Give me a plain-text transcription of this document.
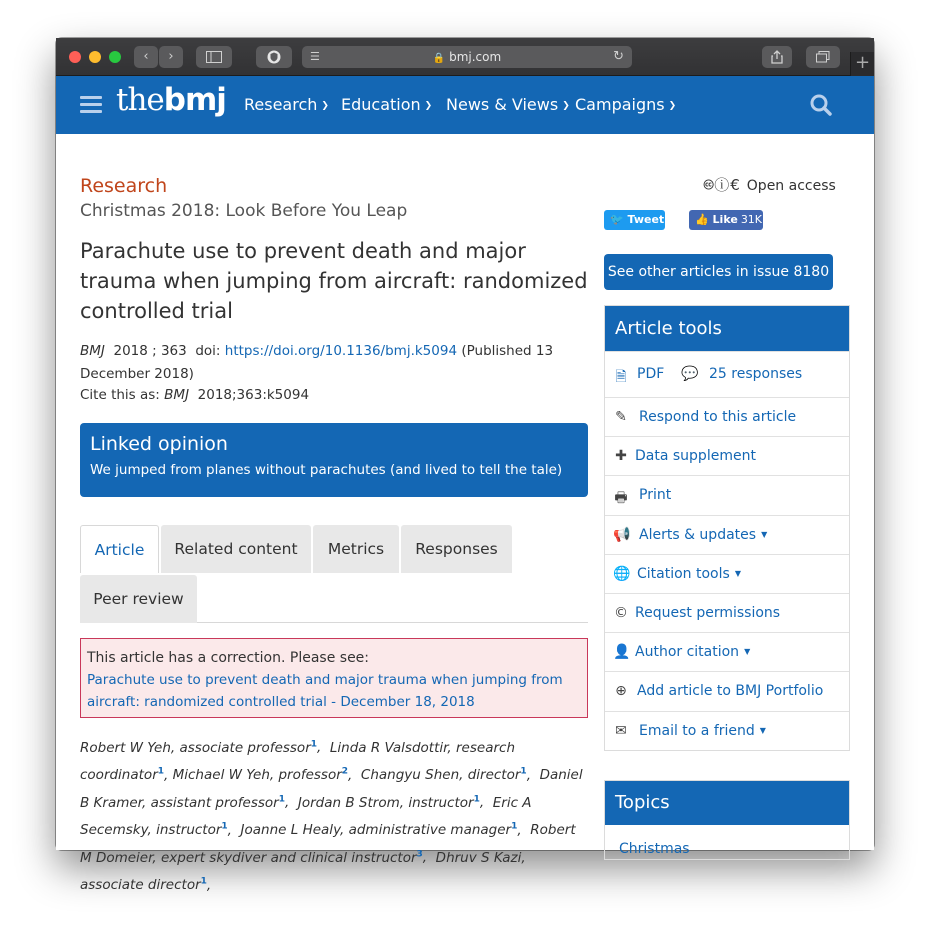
‹	›	☰	🔒 bmj.com	↻	+
thebmj Research ❯ Education ❯ News & Views ❯ Campaigns ❯
Research
Christmas 2018: Look Before You Leap
Parachute use to prevent death and major trauma when jumping from aircraft: randomized controlled trial
BMJ 2018 ; 363 doi: https://doi.org/10.1136/bmj.k5094 (Published 13 December 2018)
Cite this as: BMJ 2018;363:k5094
Linked opinion
We jumped from planes without parachutes (and lived to tell the tale)
Article	Related content	Metrics	Responses
Peer review
This article has a correction. Please see:
Parachute use to prevent death and major trauma when jumping from aircraft: randomized controlled trial - December 18, 2018
Robert W Yeh, associate professor$^1$,  Linda R Valsdottir, research coordinator$^1$, Michael W Yeh, professor$^2$,  Changyu Shen, director$^1$,  Daniel B Kramer, assistant professor$^1$,  Jordan B Strom, instructor$^1$,  Eric A Secemsky, instructor$^1$,  Joanne L Healy, administrative manager$^1$,  Robert M Domeier, expert skydiver and clinical instructor$^3$,  Dhruv S Kazi, associate director$^1$,
🅭ⓘ€ Open access
🐦 Tweet	👍 Like 31K
See other articles in issue 8180
Article tools
🗎 PDF 💬 25 responses
✎ Respond to this article
✚ Data supplement
🖶 Print
📢 Alerts & updates ▼
🌐 Citation tools ▼
© Request permissions
👤 Author citation ▼
⊕ Add article to BMJ Portfolio
✉ Email to a friend ▼
Topics
Christmas
